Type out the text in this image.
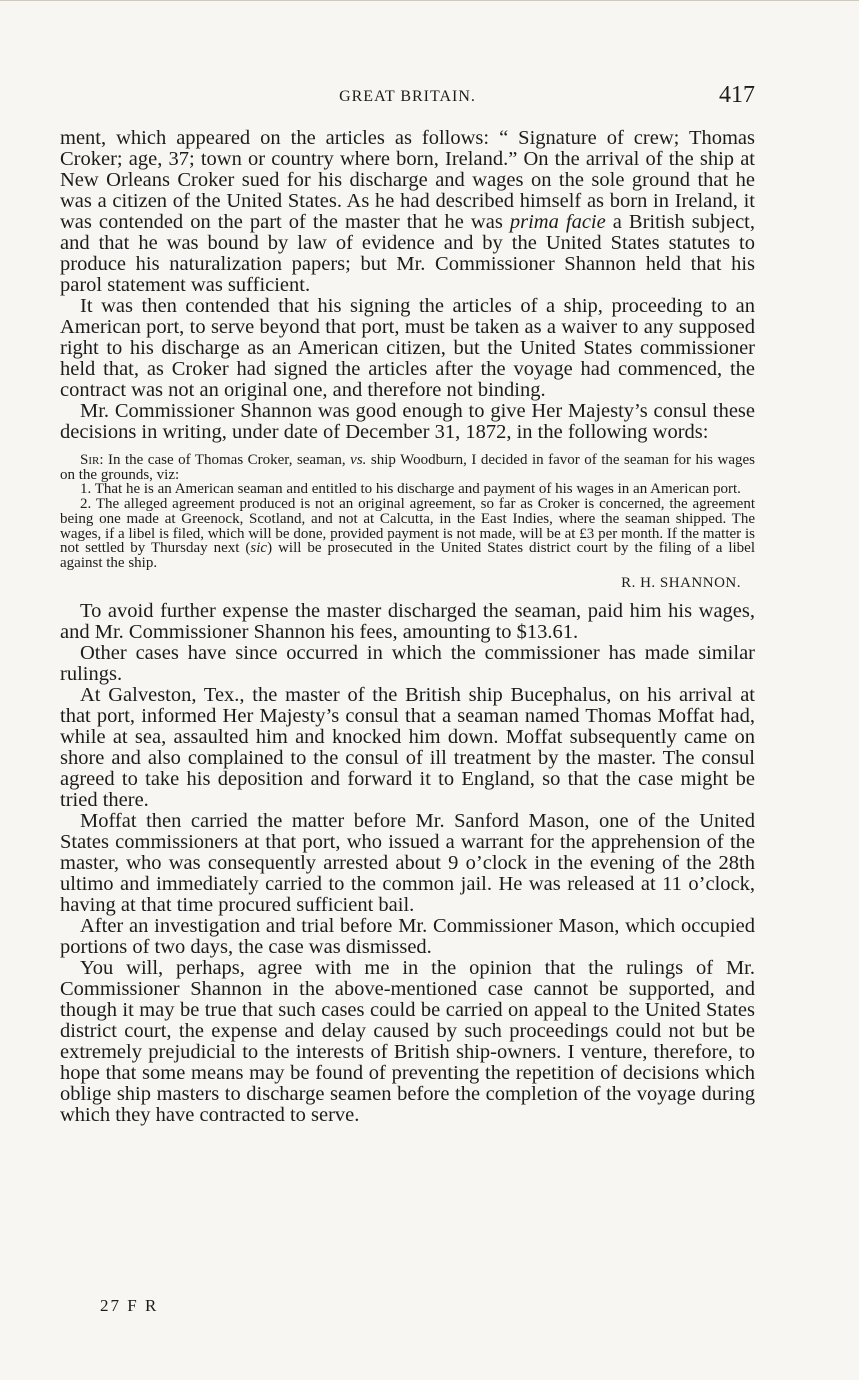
GREAT BRITAIN.	417

ment, which appeared on the articles as follows: “ Signature of crew; Thomas Croker; age, 37; town or country where born, Ireland.” On the arrival of the ship at New Orleans Croker sued for his discharge and wages on the sole ground that he was a citizen of the United States. As he had described himself as born in Ireland, it was contended on the part of the master that he was prima facie a British subject, and that he was bound by law of evidence and by the United States statutes to produce his naturalization papers; but Mr. Commissioner Shannon held that his parol statement was sufficient.

It was then contended that his signing the articles of a ship, proceeding to an American port, to serve beyond that port, must be taken as a waiver to any supposed right to his discharge as an American citizen, but the United States commissioner held that, as Croker had signed the articles after the voyage had commenced, the contract was not an original one, and therefore not binding.

Mr. Commissioner Shannon was good enough to give Her Majesty’s consul these decisions in writing, under date of December 31, 1872, in the following words:

Sir: In the case of Thomas Croker, seaman, vs. ship Woodburn, I decided in favor of the seaman for his wages on the grounds, viz:

1. That he is an American seaman and entitled to his discharge and payment of his wages in an American port.

2. The alleged agreement produced is not an original agreement, so far as Croker is concerned, the agreement being one made at Greenock, Scotland, and not at Calcutta, in the East Indies, where the seaman shipped. The wages, if a libel is filed, which will be done, provided payment is not made, will be at £3 per month. If the matter is not settled by Thursday next (sic) will be prosecuted in the United States district court by the filing of a libel against the ship.

R. H. SHANNON.

To avoid further expense the master discharged the seaman, paid him his wages, and Mr. Commissioner Shannon his fees, amounting to $13.61.

Other cases have since occurred in which the commissioner has made similar rulings.

At Galveston, Tex., the master of the British ship Bucephalus, on his arrival at that port, informed Her Majesty’s consul that a seaman named Thomas Moffat had, while at sea, assaulted him and knocked him down. Moffat subsequently came on shore and also complained to the consul of ill treatment by the master. The consul agreed to take his deposition and forward it to England, so that the case might be tried there.

Moffat then carried the matter before Mr. Sanford Mason, one of the United States commissioners at that port, who issued a warrant for the apprehension of the master, who was consequently arrested about 9 o’clock in the evening of the 28th ultimo and immediately carried to the common jail. He was released at 11 o’clock, having at that time procured sufficient bail.

After an investigation and trial before Mr. Commissioner Mason, which occupied portions of two days, the case was dismissed.

You will, perhaps, agree with me in the opinion that the rulings of Mr. Commissioner Shannon in the above-mentioned case cannot be supported, and though it may be true that such cases could be carried on appeal to the United States district court, the expense and delay caused by such proceedings could not but be extremely prejudicial to the interests of British ship-owners. I venture, therefore, to hope that some means may be found of preventing the repetition of decisions which oblige ship masters to discharge seamen before the completion of the voyage during which they have contracted to serve.

27 F R
